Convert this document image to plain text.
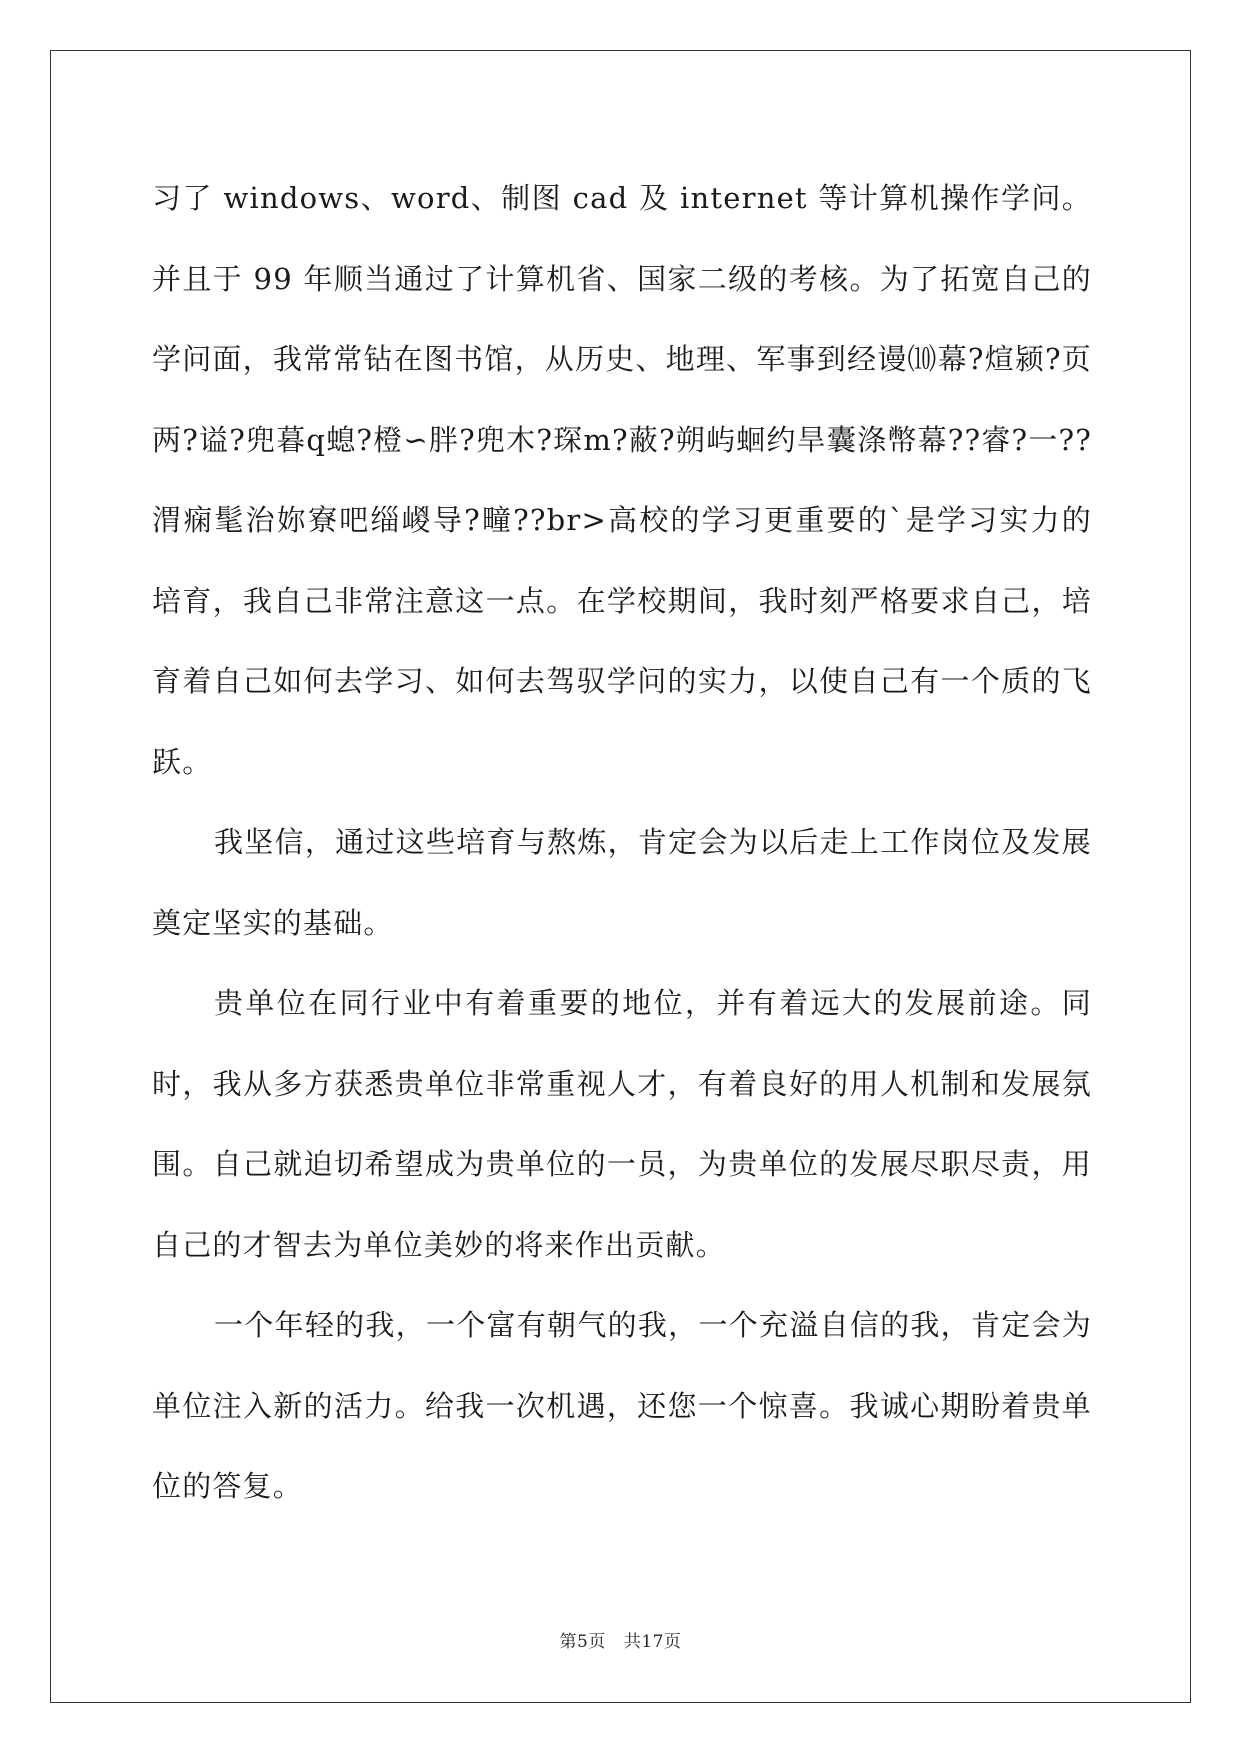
习了 windows、word、制图 cad 及 internet 等计算机操作学问。并且于 99 年顺当通过了计算机省、国家二级的考核。为了拓宽自己的学问面，我常常钻在图书馆，从历史、地理、军事到经谩⑽幕?煊颍?页两?谥?兜暮q螅?橙∽胖?兜木?琛m?蔽?朔屿蛔约旱囊涤幣幕??睿?一??渭痫髦治妳寮吧缁嵕导?疃??br>高校的学习更重要的`是学习实力的培育，我自己非常注意这一点。在学校期间，我时刻严格要求自己，培育着自己如何去学习、如何去驾驭学问的实力，以使自己有一个质的飞跃。

我坚信，通过这些培育与熬炼，肯定会为以后走上工作岗位及发展奠定坚实的基础。

贵单位在同行业中有着重要的地位，并有着远大的发展前途。同时，我从多方获悉贵单位非常重视人才，有着良好的用人机制和发展氛围。自己就迫切希望成为贵单位的一员，为贵单位的发展尽职尽责，用自己的才智去为单位美妙的将来作出贡献。

一个年轻的我，一个富有朝气的我，一个充溢自信的我，肯定会为单位注入新的活力。给我一次机遇，还您一个惊喜。我诚心期盼着贵单位的答复。

第5页 共17页
